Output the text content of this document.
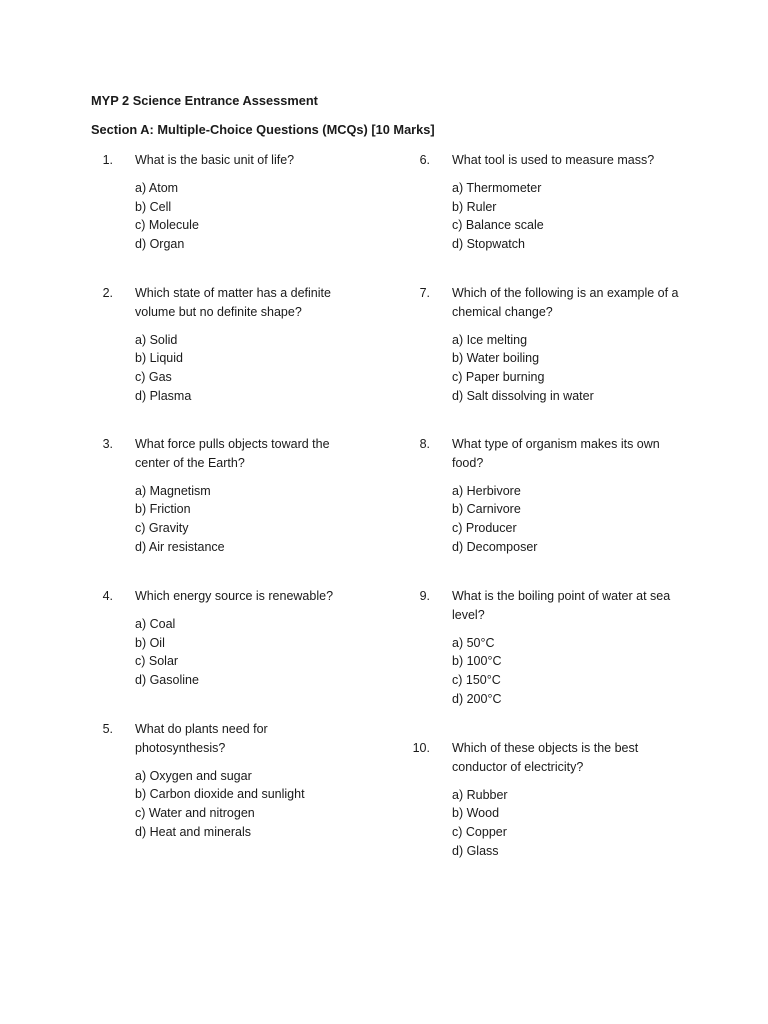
MYP 2 Science Entrance Assessment
Section A: Multiple-Choice Questions (MCQs) [10 Marks]
1. What is the basic unit of life?
a) Atom
b) Cell
c) Molecule
d) Organ
2. Which state of matter has a definite volume but no definite shape?
a) Solid
b) Liquid
c) Gas
d) Plasma
3. What force pulls objects toward the center of the Earth?
a) Magnetism
b) Friction
c) Gravity
d) Air resistance
4. Which energy source is renewable?
a) Coal
b) Oil
c) Solar
d) Gasoline
5. What do plants need for photosynthesis?
a) Oxygen and sugar
b) Carbon dioxide and sunlight
c) Water and nitrogen
d) Heat and minerals
6. What tool is used to measure mass?
a) Thermometer
b) Ruler
c) Balance scale
d) Stopwatch
7. Which of the following is an example of a chemical change?
a) Ice melting
b) Water boiling
c) Paper burning
d) Salt dissolving in water
8. What type of organism makes its own food?
a) Herbivore
b) Carnivore
c) Producer
d) Decomposer
9. What is the boiling point of water at sea level?
a) 50°C
b) 100°C
c) 150°C
d) 200°C
10. Which of these objects is the best conductor of electricity?
a) Rubber
b) Wood
c) Copper
d) Glass
